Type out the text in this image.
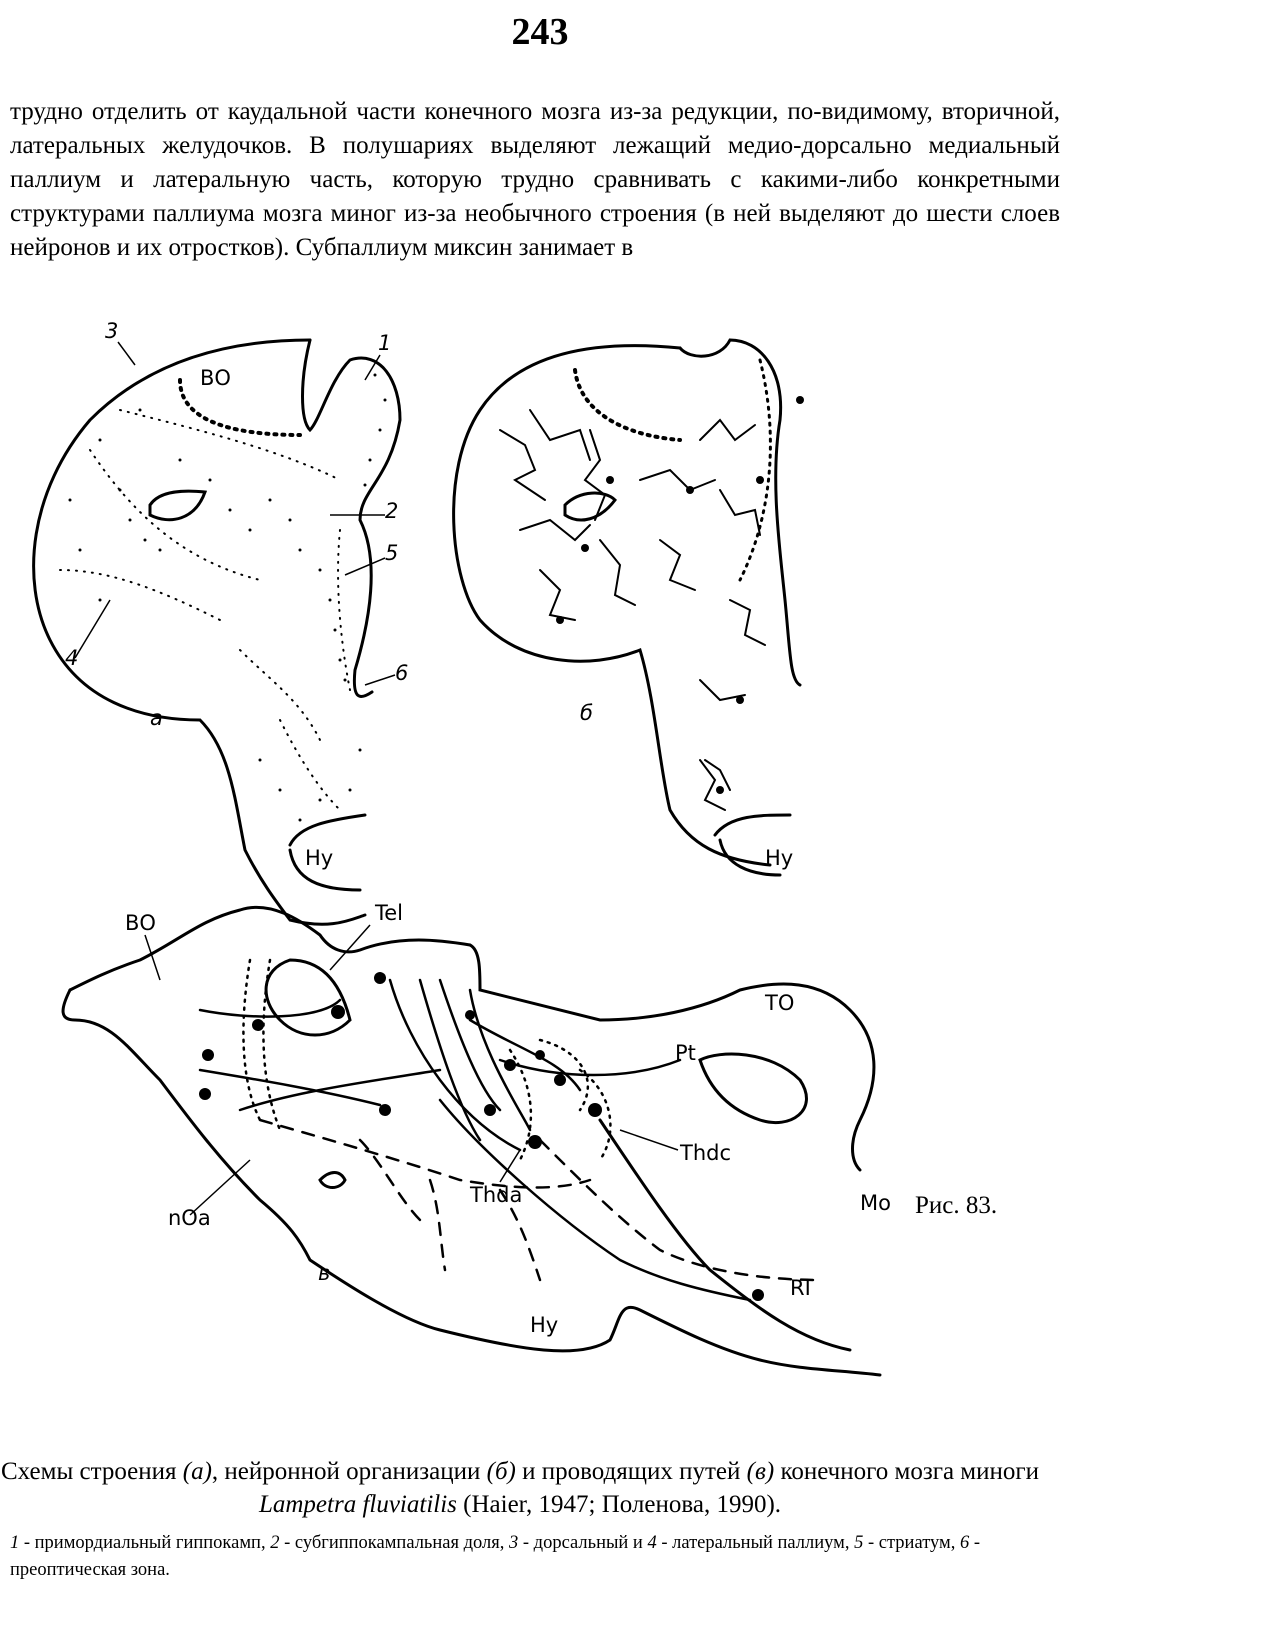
243

трудно отделить от каудальной части конечного мозга из-за редукции, по-видимому, вторичной, латеральных желудочков. В полушариях выделяют лежащий медио-дорсально медиальный паллиум и латеральную часть, которую трудно сравнивать с какими-либо конкретными структурами паллиума мозга миног из-за необычного строения (в ней выделяют до шести слоев нейронов и их отростков). Субпаллиум миксин занимает в

ВО
Hy
а
1
2
3
4
5
6
Hy
б
ВО	Tel
TO
Pt
Thdc
Thda
nOa
Mo
RI
Hy
в
Рис. 83.

Схемы строения (а), нейронной организации (б) и проводящих путей (в) конечного мозга миноги Lampetra fluviatilis (Haier, 1947; Поленова, 1990).

1 - примордиальный гиппокамп, 2 - субгиппокампальная доля, 3 - дорсальный и 4 - латеральный паллиум, 5 - стриатум, 6 - преоптическая зона.
